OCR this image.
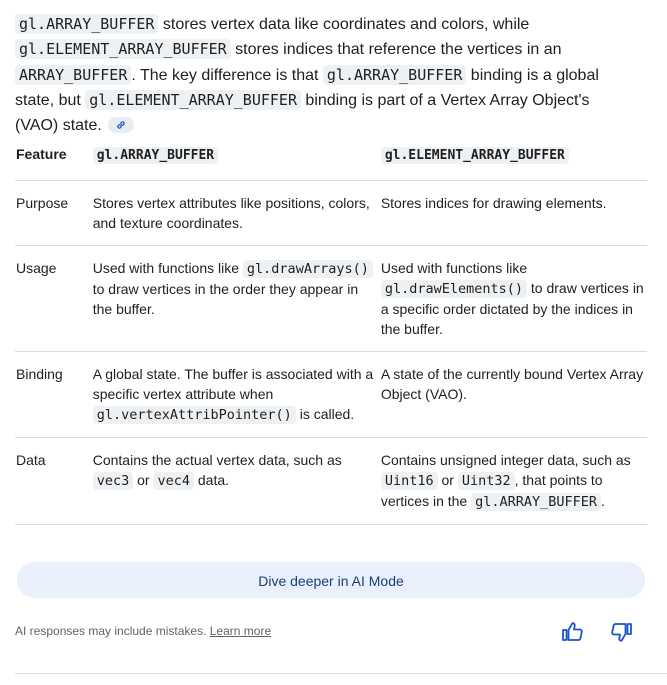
gl.ARRAY_BUFFER stores vertex data like coordinates and colors, while gl.ELEMENT_ARRAY_BUFFER stores indices that reference the vertices in an ARRAY_BUFFER . The key difference is that gl.ARRAY_BUFFER binding is a global state, but gl.ELEMENT_ARRAY_BUFFER binding is part of a Vertex Array Object's (VAO) state.
Feature	gl.ARRAY_BUFFER	gl.ELEMENT_ARRAY_BUFFER
Purpose	Stores vertex attributes like positions, colors, and texture coordinates.	Stores indices for drawing elements.
Usage	Used with functions like gl.drawArrays() to draw vertices in the order they appear in the buffer.	Used with functions like gl.drawElements() to draw vertices in a specific order dictated by the indices in the buffer.
Binding	A global state. The buffer is associated with a specific vertex attribute when gl.vertexAttribPointer() is called.	A state of the currently bound Vertex Array Object (VAO).
Data	Contains the actual vertex data, such as vec3 or vec4 data.	Contains unsigned integer data, such as Uint16 or Uint32 , that points to vertices in the gl.ARRAY_BUFFER .
Dive deeper in AI Mode
AI responses may include mistakes. Learn more
